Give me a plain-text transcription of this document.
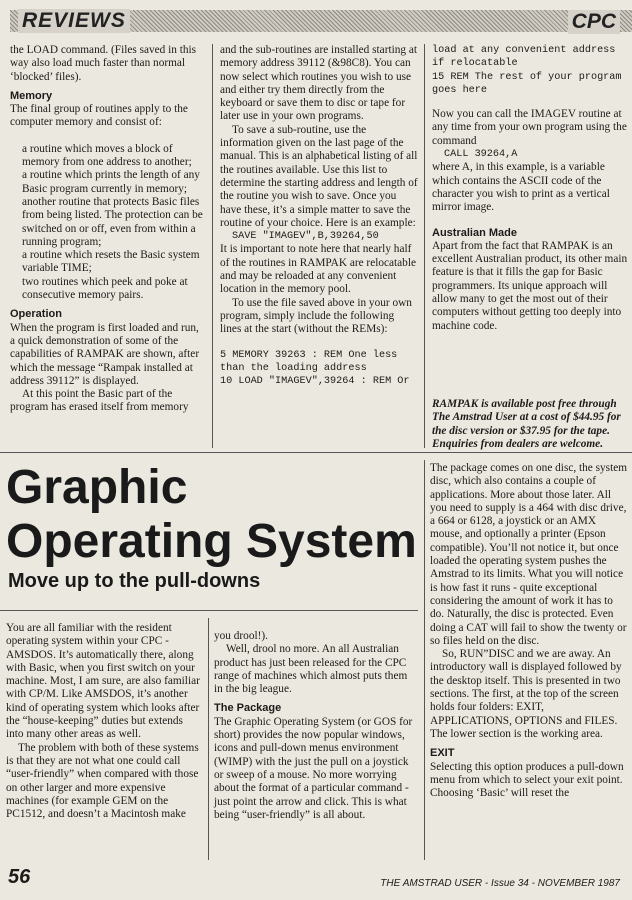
REVIEWS	CPC

the LOAD command. (Files saved in this way also load much faster than normal ‘blocked’ files).

Memory

The final group of routines apply to the computer memory and consist of:

a routine which moves a block of memory from one address to another;

a routine which prints the length of any Basic program currently in memory;

another routine that protects Basic files from being listed. The protection can be switched on or off, even from within a running program;

a routine which resets the Basic system variable TIME;

two routines which peek and poke at consecutive memory pairs.

Operation

When the program is first loaded and run, a quick demonstration of some of the capabilities of RAMPAK are shown, after which the message “Rampak installed at address 39112” is displayed.

At this point the Basic part of the program has erased itself from memory

and the sub-routines are installed starting at memory address 39112 (&98C8). You can now select which routines you wish to use and either try them directly from the keyboard or save them to disc or tape for later use in your own programs.

To save a sub-routine, use the information given on the last page of the manual. This is an alphabetical listing of all the routines available. Use this list to determine the starting address and length of the routine you wish to save. Once you have these, it’s a simple matter to save the routine of your choice. Here is an example:

SAVE "IMAGEV",B,39264,50

It is important to note here that nearly half of the routines in RAMPAK are relocatable and may be reloaded at any convenient location in the memory pool.

To use the file saved above in your own program, simply include the following lines at the start (without the REMs):

5 MEMORY 39263 : REM One less
than the loading address
10 LOAD "IMAGEV",39264 : REM Or

load at any convenient address
if relocatable
15 REM The rest of your program
goes here

Now you can call the IMAGEV routine at any time from your own program using the command

CALL 39264,A

where A, in this example, is a variable which contains the ASCII code of the character you wish to print as a vertical mirror image.

Australian Made

Apart from the fact that RAMPAK is an excellent Australian product, its other main feature is that it fills the gap for Basic programmers. Its unique approach will allow many to get the most out of their computers without getting too deeply into machine code.

RAMPAK is available post free through The Amstrad User at a cost of $44.95 for the disc version or $37.95 for the tape. Enquiries from dealers are welcome.

Graphic
Operating System
Move up to the pull-downs

You are all familiar with the resident operating system within your CPC - AMSDOS. It’s automatically there, along with Basic, when you first switch on your machine. Most, I am sure, are also familiar with CP/M. Like AMSDOS, it’s another kind of operating system which looks after the “house-keeping” duties but extends into many other areas as well.

The problem with both of these systems is that they are not what one could call “user-friendly” when compared with those on other larger and more expensive machines (for example GEM on the PC1512, and doesn’t a Macintosh make

you drool!).

Well, drool no more. An all Australian product has just been released for the CPC range of machines which almost puts them in the big league.

The Package

The Graphic Operating System (or GOS for short) provides the now popular windows, icons and pull-down menus environment (WIMP) with the just the pull on a joystick or sweep of a mouse. No more worrying about the format of a particular command - just point the arrow and click. This is what being “user-friendly” is all about.

The package comes on one disc, the system disc, which also contains a couple of applications. More about those later. All you need to supply is a 464 with disc drive, a 664 or 6128, a joystick or an AMX mouse, and optionally a printer (Epson compatible). You’ll not notice it, but once loaded the operating system pushes the Amstrad to its limits. What you will notice is how fast it runs - quite exceptional considering the amount of work it has to do. Naturally, the disc is protected. Even doing a CAT will fail to show the twenty or so files held on the disc.

So, RUN”DISC and we are away. An introductory wall is displayed followed by the desktop itself. This is presented in two sections. The first, at the top of the screen holds four folders: EXIT, APPLICATIONS, OPTIONS and FILES. The lower section is the working area.

EXIT

Selecting this option produces a pull-down menu from which to select your exit point. Choosing ‘Basic’ will reset the

56	THE AMSTRAD USER - Issue 34 - NOVEMBER 1987
